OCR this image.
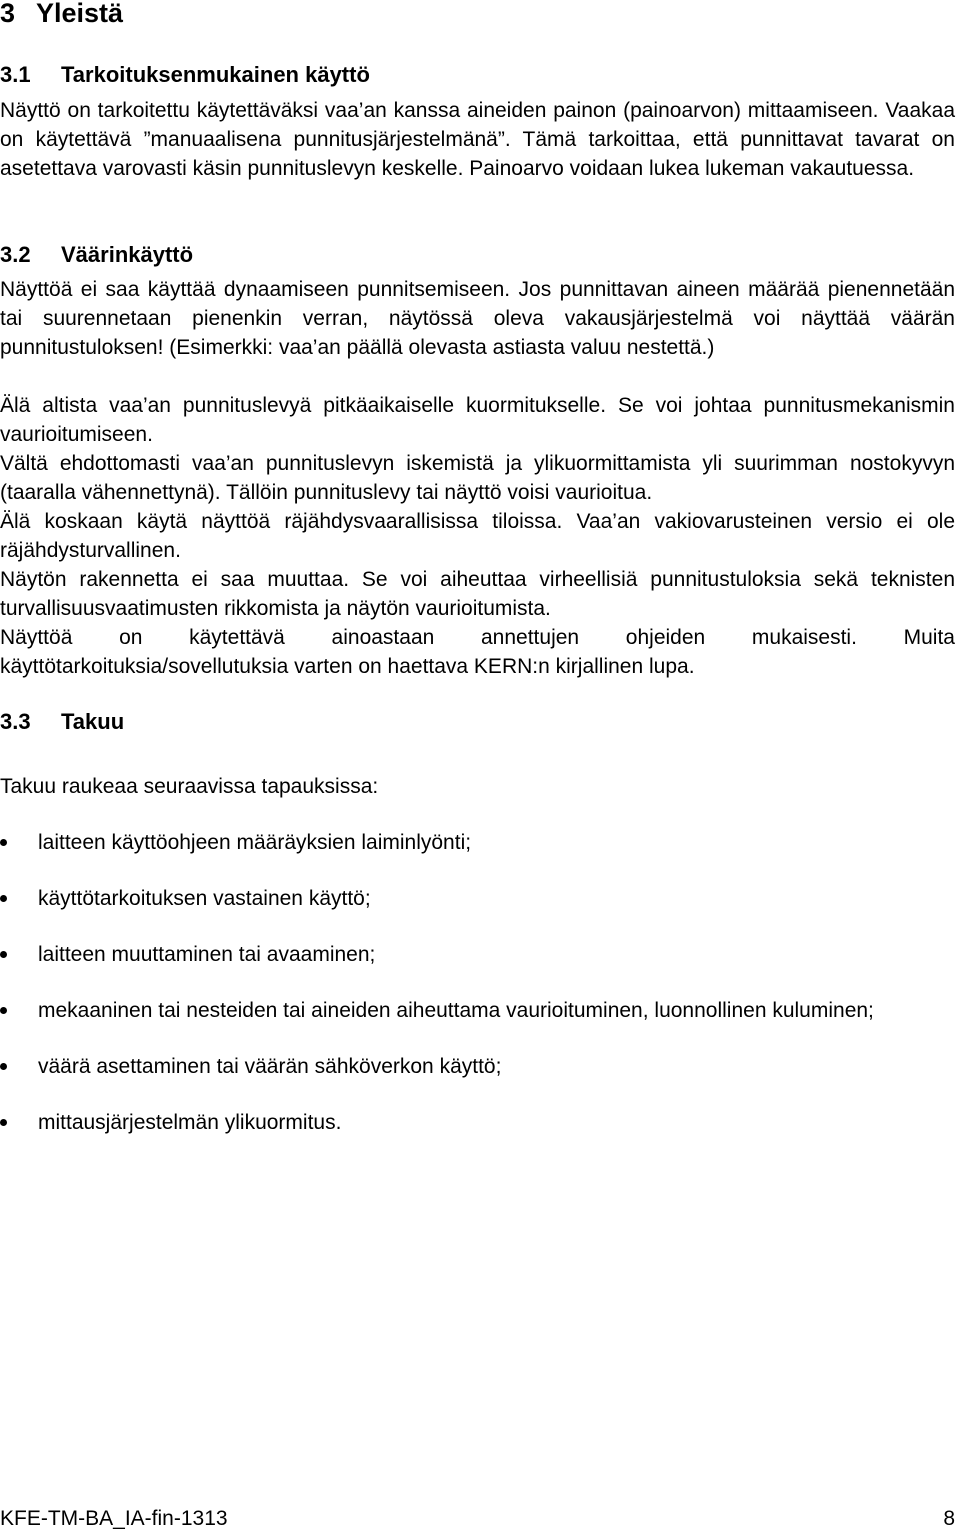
3 Yleistä
3.1 Tarkoituksenmukainen käyttö
Näyttö on tarkoitettu käytettäväksi vaa’an kanssa aineiden painon (painoarvon) mittaamiseen. Vaakaa on käytettävä ”manuaalisena punnitusjärjestelmänä”. Tämä tarkoittaa, että punnittavat tavarat on asetettava varovasti käsin punnituslevyn keskelle. Painoarvo voidaan lukea lukeman vakautuessa.
3.2 Väärinkäyttö
Näyttöä ei saa käyttää dynaamiseen punnitsemiseen. Jos punnittavan aineen määrää pienennetään tai suurennetaan pienenkin verran, näytössä oleva vakausjärjestelmä voi näyttää väärän punnitustuloksen! (Esimerkki: vaa’an päällä olevasta astiasta valuu nestettä.)
Älä altista vaa’an punnituslevyä pitkäaikaiselle kuormitukselle. Se voi johtaa punnitusmekanismin vaurioitumiseen.
Vältä ehdottomasti vaa’an punnituslevyn iskemistä ja ylikuormittamista yli suurimman nostokyvyn (taaralla vähennettynä). Tällöin punnituslevy tai näyttö voisi vaurioitua.
Älä koskaan käytä näyttöä räjähdysvaarallisissa tiloissa. Vaa’an vakiovarusteinen versio ei ole räjähdysturvallinen.
Näytön rakennetta ei saa muuttaa. Se voi aiheuttaa virheellisiä punnitustuloksia sekä teknisten turvallisuusvaatimusten rikkomista ja näytön vaurioitumista.
Näyttöä on käytettävä ainoastaan annettujen ohjeiden mukaisesti. Muita käyttötarkoituksia/sovellutuksia varten on haettava KERN:n kirjallinen lupa.
3.3 Takuu
Takuu raukeaa seuraavissa tapauksissa:
laitteen käyttöohjeen määräyksien laiminlyönti;
käyttötarkoituksen vastainen käyttö;
laitteen muuttaminen tai avaaminen;
mekaaninen tai nesteiden tai aineiden aiheuttama vaurioituminen, luonnollinen kuluminen;
väärä asettaminen tai väärän sähköverkon käyttö;
mittausjärjestelmän ylikuormitus.
KFE-TM-BA_IA-fin-1313	8
